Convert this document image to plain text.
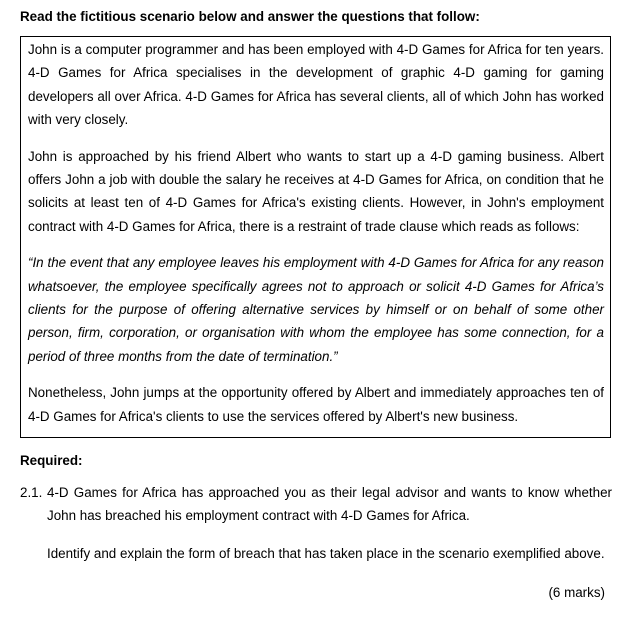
Read the fictitious scenario below and answer the questions that follow:

John is a computer programmer and has been employed with 4-D Games for Africa for ten years. 4-D Games for Africa specialises in the development of graphic 4-D gaming for gaming developers all over Africa. 4-D Games for Africa has several clients, all of which John has worked with very closely.

John is approached by his friend Albert who wants to start up a 4-D gaming business. Albert offers John a job with double the salary he receives at 4-D Games for Africa, on condition that he solicits at least ten of 4-D Games for Africa's existing clients. However, in John's employment contract with 4-D Games for Africa, there is a restraint of trade clause which reads as follows:

“In the event that any employee leaves his employment with 4-D Games for Africa for any reason whatsoever, the employee specifically agrees not to approach or solicit 4-D Games for Africa’s clients for the purpose of offering alternative services by himself or on behalf of some other person, firm, corporation, or organisation with whom the employee has some connection, for a period of three months from the date of termination.”

Nonetheless, John jumps at the opportunity offered by Albert and immediately approaches ten of 4-D Games for Africa's clients to use the services offered by Albert's new business.

Required:
2.1. 4-D Games for Africa has approached you as their legal advisor and wants to know whether John has breached his employment contract with 4-D Games for Africa.
Identify and explain the form of breach that has taken place in the scenario exemplified above.
(6 marks)
